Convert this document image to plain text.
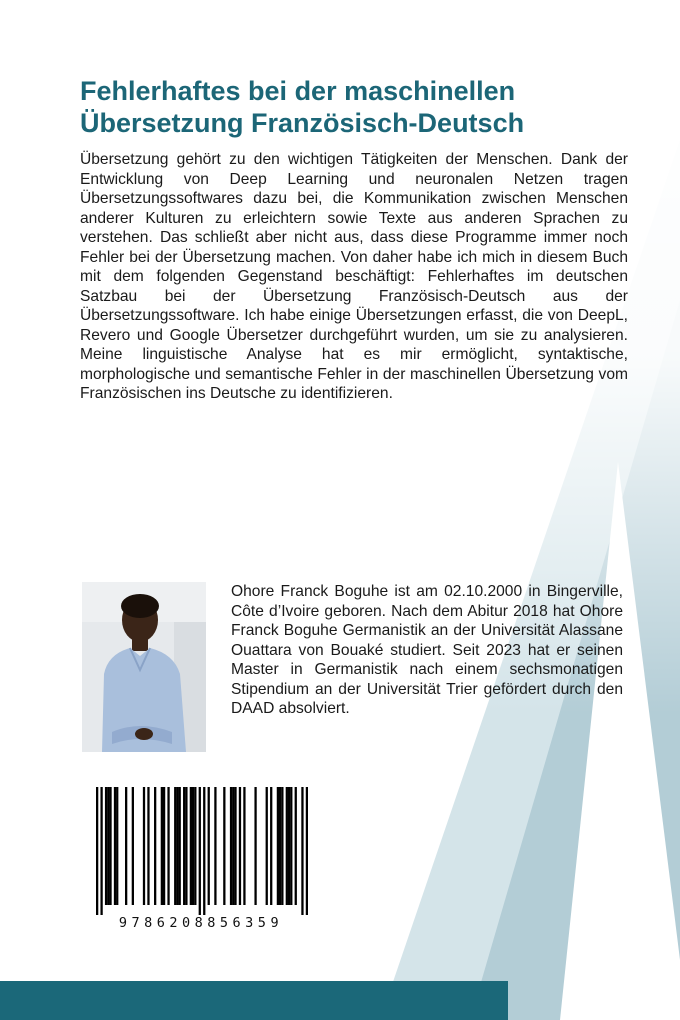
Fehlerhaftes bei der maschinellen
Übersetzung Französisch-Deutsch

Übersetzung gehört zu den wichtigen Tätigkeiten der Menschen. Dank der Entwicklung von Deep Learning und neuronalen Netzen tragen Übersetzungssoftwares dazu bei, die Kommunikation zwischen Menschen anderer Kulturen zu erleichtern sowie Texte aus anderen Sprachen zu verstehen. Das schließt aber nicht aus, dass diese Programme immer noch Fehler bei der Übersetzung machen. Von daher habe ich mich in diesem Buch mit dem folgenden Gegenstand beschäftigt: Fehlerhaftes im deutschen Satzbau bei der Übersetzung Französisch-Deutsch aus der Übersetzungssoftware. Ich habe einige Übersetzungen erfasst, die von DeepL, Revero und Google Übersetzer durchgeführt wurden, um sie zu analysieren. Meine linguistische Analyse hat es mir ermöglicht, syntaktische, morphologische und semantische Fehler in der maschinellen Übersetzung vom Französischen ins Deutsche zu identifizieren.

Ohore Franck Boguhe ist am 02.10.2000 in Bingerville, Côte d’Ivoire geboren. Nach dem Abitur 2018 hat Ohore Franck Boguhe Germanistik an der Universität Alassane Ouattara von Bouaké studiert. Seit 2023 hat er seinen Master in Germanistik nach einem sechsmonatigen Stipendium an der Universität Trier gefördert durch den DAAD absolviert.

9786208856359
